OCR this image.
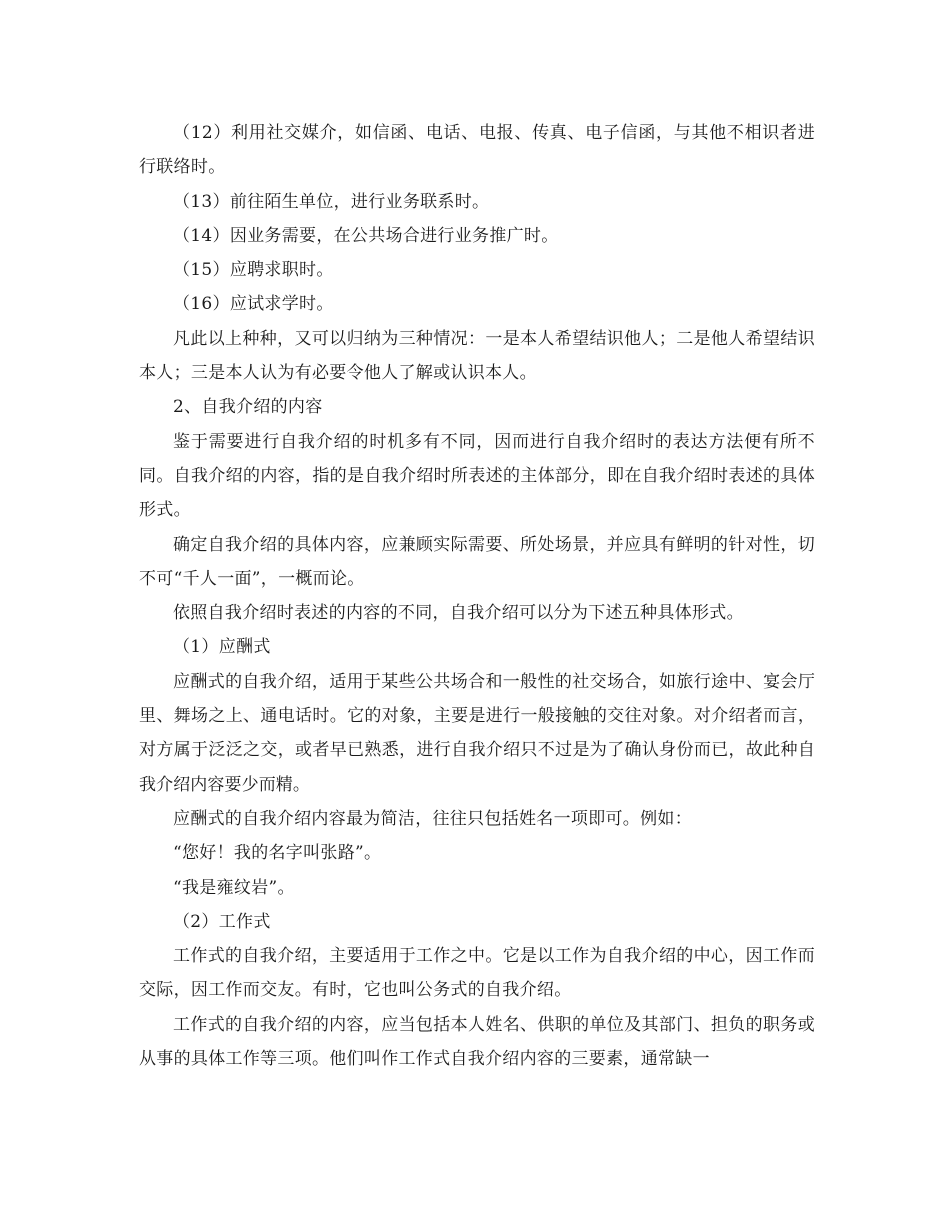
（12）利用社交媒介，如信函、电话、电报、传真、电子信函，与其他不相识者进行联络时。

（13）前往陌生单位，进行业务联系时。

（14）因业务需要，在公共场合进行业务推广时。

（15）应聘求职时。

（16）应试求学时。

凡此以上种种，又可以归纳为三种情况：一是本人希望结识他人；二是他人希望结识本人；三是本人认为有必要令他人了解或认识本人。

2、自我介绍的内容

鉴于需要进行自我介绍的时机多有不同，因而进行自我介绍时的表达方法便有所不同。自我介绍的内容，指的是自我介绍时所表述的主体部分，即在自我介绍时表述的具体形式。

确定自我介绍的具体内容，应兼顾实际需要、所处场景，并应具有鲜明的针对性，切不可“千人一面”，一概而论。

依照自我介绍时表述的内容的不同，自我介绍可以分为下述五种具体形式。

（1）应酬式

应酬式的自我介绍，适用于某些公共场合和一般性的社交场合，如旅行途中、宴会厅里、舞场之上、通电话时。它的对象，主要是进行一般接触的交往对象。对介绍者而言，对方属于泛泛之交，或者早已熟悉，进行自我介绍只不过是为了确认身份而已，故此种自我介绍内容要少而精。

应酬式的自我介绍内容最为简洁，往往只包括姓名一项即可。例如：

“您好！我的名字叫张路”。

“我是雍纹岩”。

（2）工作式

工作式的自我介绍，主要适用于工作之中。它是以工作为自我介绍的中心，因工作而交际，因工作而交友。有时，它也叫公务式的自我介绍。

工作式的自我介绍的内容，应当包括本人姓名、供职的单位及其部门、担负的职务或从事的具体工作等三项。他们叫作工作式自我介绍内容的三要素，通常缺一
